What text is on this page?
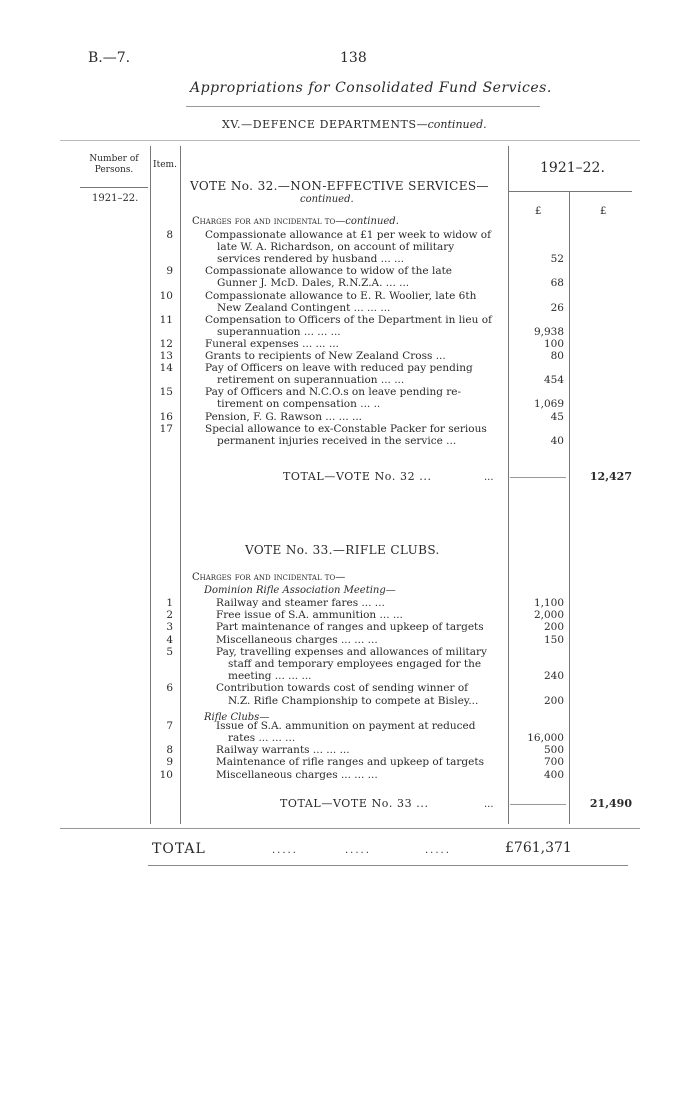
B.—7.	138
Appropriations for Consolidated Fund Services.
XV.—DEFENCE DEPARTMENTS—continued.
Number of Persons.	Item.
1921–22.
1921–22.
£	£
VOTE No. 32.—NON-EFFECTIVE SERVICES—
continued.
Charges for and incidental to—continued.
8	Compassionate allowance at £1 per week to widow of
late W. A. Richardson, on account of military
services rendered by husband ... ...	52
9	Compassionate allowance to widow of the late
Gunner J. McD. Dales, R.N.Z.A. ... ...	68
10	Compassionate allowance to E. R. Woolier, late 6th
New Zealand Contingent ... ... ...	26
11	Compensation to Officers of the Department in lieu of
superannuation ... ... ...	9,938
12	Funeral expenses ... ... ...	100
13	Grants to recipients of New Zealand Cross ...	80
14	Pay of Officers on leave with reduced pay pending
retirement on superannuation ... ...	454
15	Pay of Officers and N.C.O.s on leave pending re-
tirement on compensation ... ..	1,069
16	Pension, F. G. Rawson ... ... ...	45
17	Special allowance to ex-Constable Packer for serious
permanent injuries received in the service ...	40
TOTAL—VOTE No. 32 ...	...	12,427
VOTE No. 33.—RIFLE CLUBS.
Charges for and incidental to—
Dominion Rifle Association Meeting—
Rifle Clubs—
1	Railway and steamer fares ... ...	1,100
2	Free issue of S.A. ammunition ... ...	2,000
3	Part maintenance of ranges and upkeep of targets	200
4	Miscellaneous charges ... ... ...	150
5	Pay, travelling expenses and allowances of military
staff and temporary employees engaged for the
meeting ... ... ...	240
6	Contribution towards cost of sending winner of
N.Z. Rifle Championship to compete at Bisley...	200
7	Issue of S.A. ammunition on payment at reduced
rates ... ... ...	16,000
8	Railway warrants ... ... ...	500
9	Maintenance of rifle ranges and upkeep of targets	700
10	Miscellaneous charges ... ... ...	400
TOTAL—VOTE No. 33 ...	...	21,490
TOTAL	.....	.....	.....	£761,371
